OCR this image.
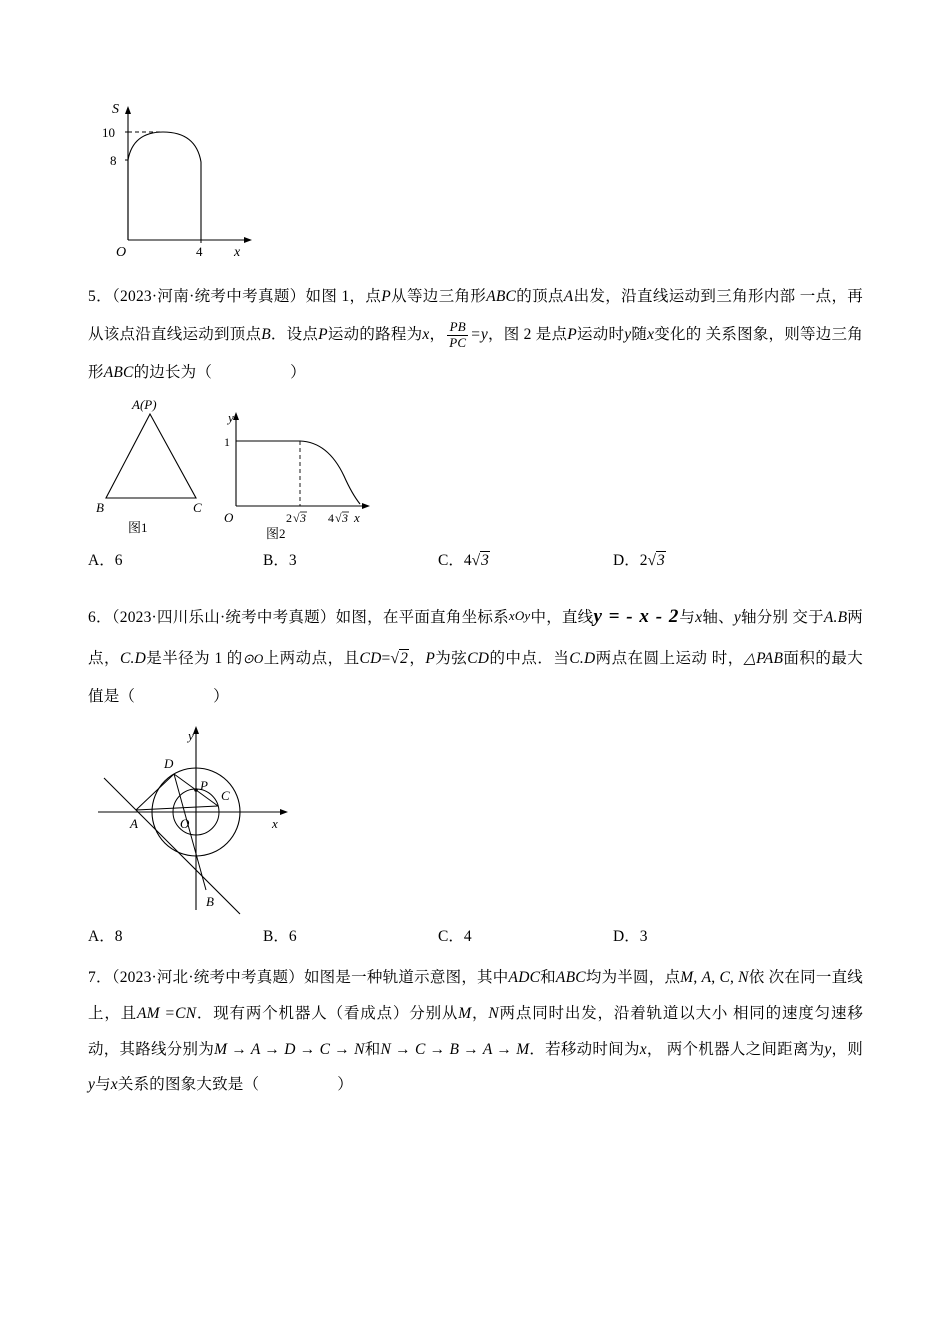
S
10
8
O	4 x
5．（2023·河南·统考中考真题）如图 1，点P从等边三角形ABC的顶点A出发，沿直线运动到三角形内部 一点，再从该点沿直线运动到顶点B．设点P运动的路程为x， $\frac{PB}{PC} =y$，图 2 是点P运动时y随x变化的 关系图象，则等边三角形ABC的边长为（	）
A(P)
B	C
图1
y
1
O	x
2 √ 3 4 √ 3
图2
A． 6	B． 3	C． 4√3	D． 2√3
6．（2023·四川乐山·统考中考真题）如图，在平面直角坐标系xOy中，直线y = - x - 2与x轴、y轴分别 交于A.B两点，C.D是半径为 1 的⊙O上两动点，且CD=√2，P为弦CD的中点．当C.D两点在圆上运动 时，△PAB面积的最大值是（	）
D
C
P
A
B
O
y
x
A． 8	B． 6	C． 4	D． 3
7．（2023·河北·统考中考真题）如图是一种轨道示意图，其中ADC和ABC均为半圆，点M, A, C, N依 次在同一直线上，且AM =CN．现有两个机器人（看成点）分别从M，N两点同时出发，沿着轨道以大小 相同的速度匀速移动，其路线分别为M → A → D → C → N和N → C → B → A → M．若移动时间为x， 两个机器人之间距离为y，则y与x关系的图象大致是（	）
